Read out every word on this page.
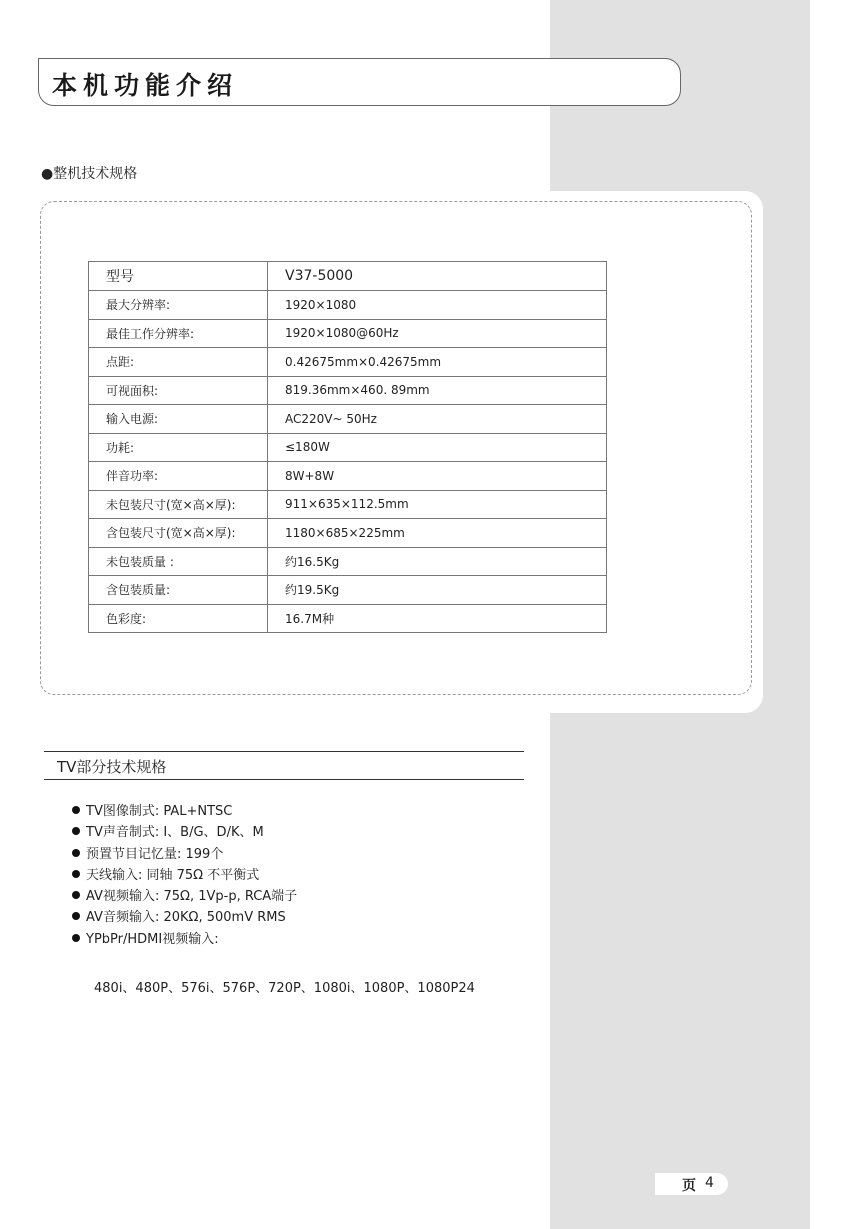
本机功能介绍
●整机技术规格
型号	V37-5000
最大分辨率:	1920×1080
最佳工作分辨率:	1920×1080@60Hz
点距:	0.42675mm×0.42675mm
可视面积:	819.36mm×460. 89mm
输入电源:	AC220V~ 50Hz
功耗:	≤180W
伴音功率:	8W+8W
未包装尺寸(宽×高×厚):	911×635×112.5mm
含包装尺寸(宽×高×厚):	1180×685×225mm
未包装质量 :	约16.5Kg
含包装质量:	约19.5Kg
色彩度:	16.7M种
TV部分技术规格
TV图像制式: PAL+NTSC
TV声音制式: I、B/G、D/K、M
预置节目记忆量: 199个
天线输入: 同轴 75Ω 不平衡式
AV视频输入: 75Ω, 1Vp-p, RCA端子
AV音频输入: 20KΩ, 500mV RMS
YPbPr/HDMI视频输入:
480i、480P、576i、576P、720P、1080i、1080P、1080P24
页 4
